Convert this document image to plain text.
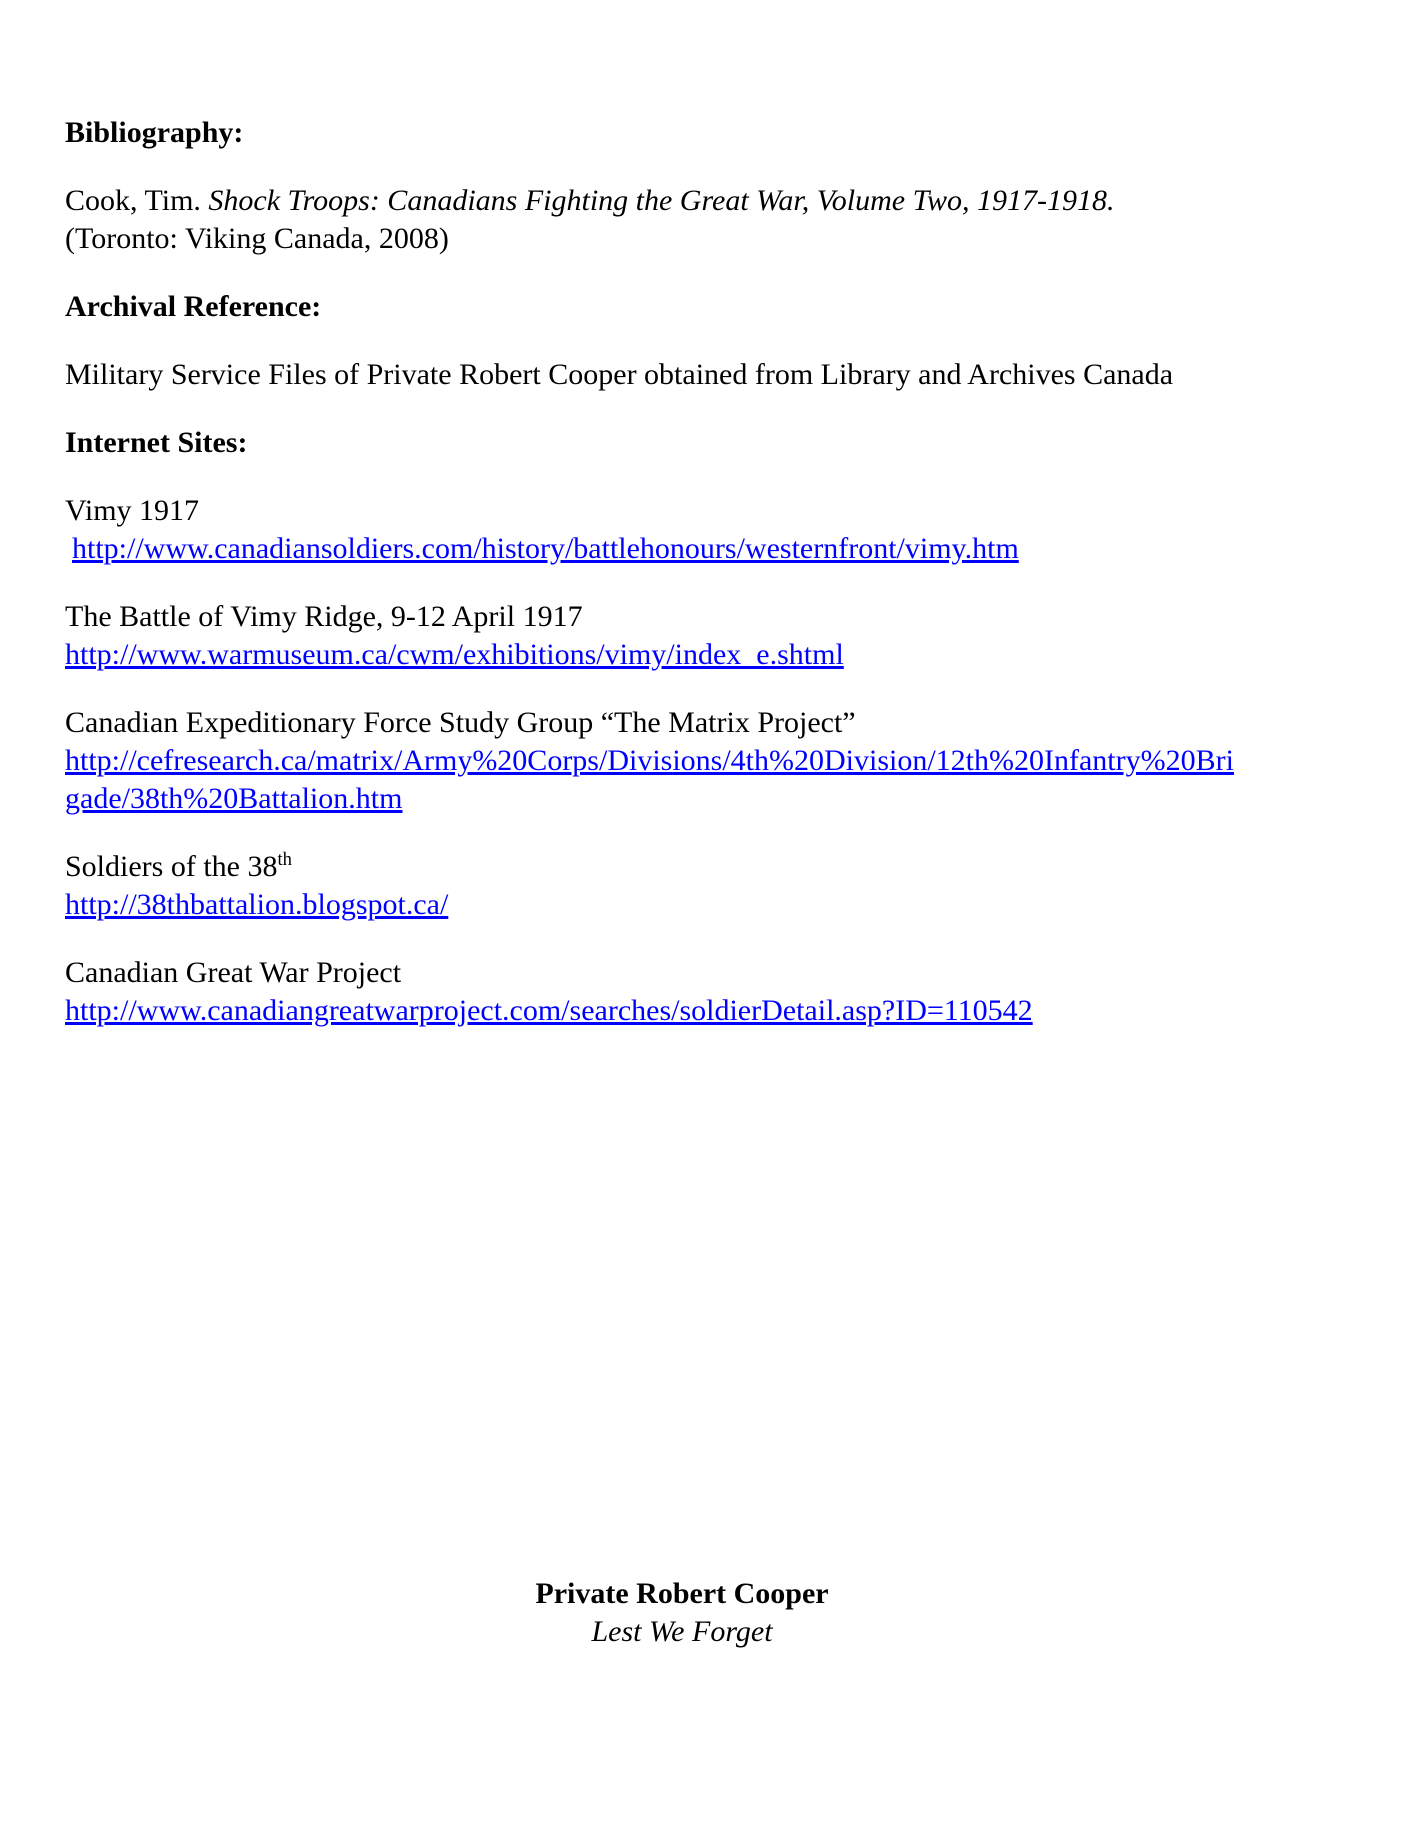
Bibliography:

Cook, Tim. Shock Troops: Canadians Fighting the Great War, Volume Two, 1917-1918.
(Toronto: Viking Canada, 2008)

Archival Reference:

Military Service Files of Private Robert Cooper obtained from Library and Archives Canada

Internet Sites:

Vimy 1917
http://www.canadiansoldiers.com/history/battlehonours/westernfront/vimy.htm

The Battle of Vimy Ridge, 9-12 April 1917
http://www.warmuseum.ca/cwm/exhibitions/vimy/index_e.shtml

Canadian Expeditionary Force Study Group “The Matrix Project”
http://cefresearch.ca/matrix/Army%20Corps/Divisions/4th%20Division/12th%20Infantry%20Bri
gade/38th%20Battalion.htm

Soldiers of the 38th
http://38thbattalion.blogspot.ca/

Canadian Great War Project
http://www.canadiangreatwarproject.com/searches/soldierDetail.asp?ID=110542

Private Robert Cooper
Lest We Forget
